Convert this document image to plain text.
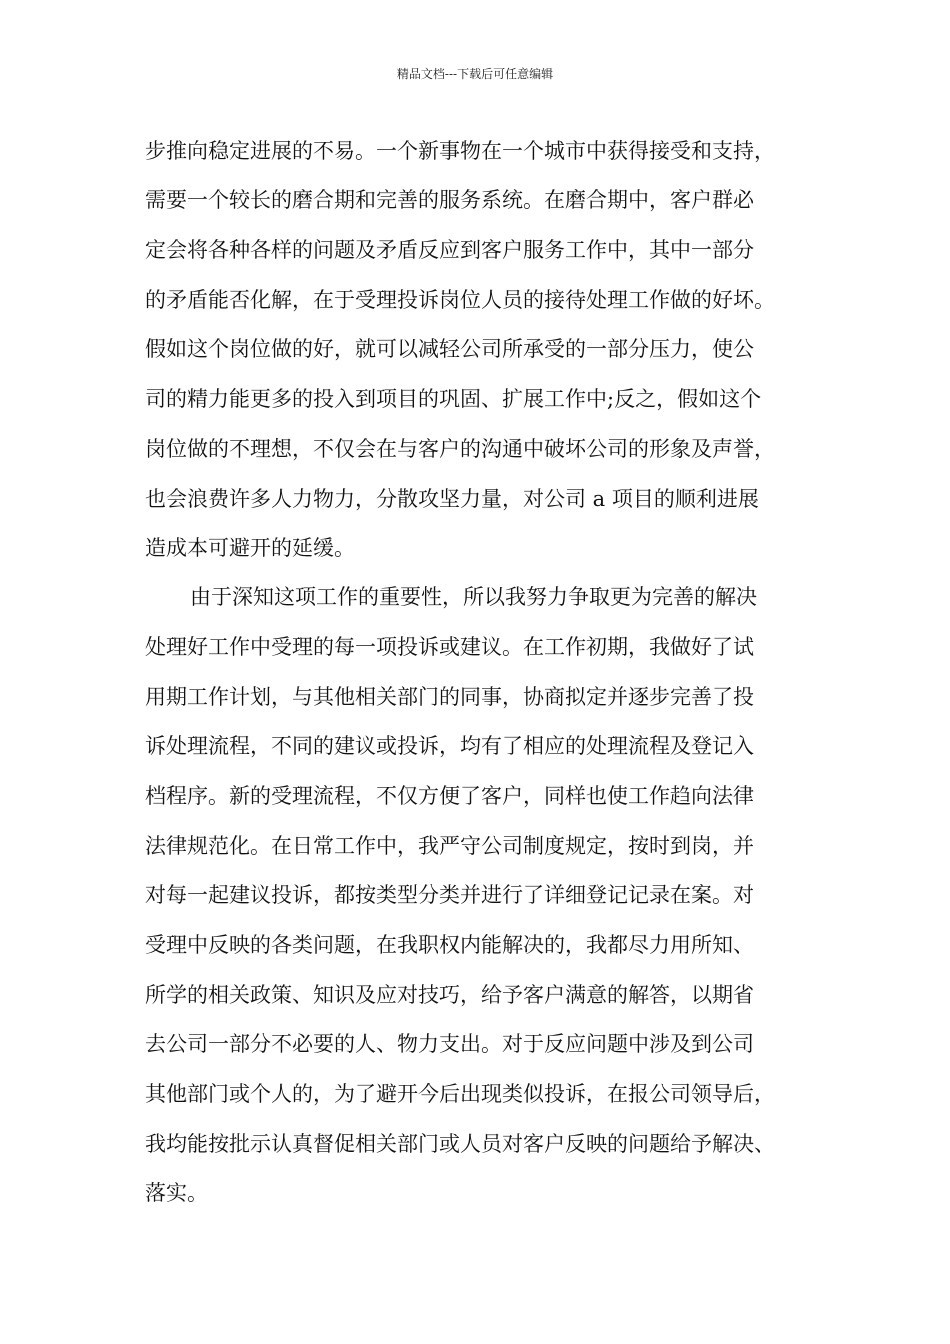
精品文档---下载后可任意编辑
步推向稳定进展的不易。一个新事物在一个城市中获得接受和支持，
需要一个较长的磨合期和完善的服务系统。在磨合期中，客户群必
定会将各种各样的问题及矛盾反应到客户服务工作中，其中一部分
的矛盾能否化解，在于受理投诉岗位人员的接待处理工作做的好坏。
假如这个岗位做的好，就可以减轻公司所承受的一部分压力，使公
司的精力能更多的投入到项目的巩固、扩展工作中;反之，假如这个
岗位做的不理想，不仅会在与客户的沟通中破坏公司的形象及声誉，
也会浪费许多人力物力，分散攻坚力量，对公司 a 项目的顺利进展
造成本可避开的延缓。
由于深知这项工作的重要性，所以我努力争取更为完善的解决
处理好工作中受理的每一项投诉或建议。在工作初期，我做好了试
用期工作计划，与其他相关部门的同事，协商拟定并逐步完善了投
诉处理流程，不同的建议或投诉，均有了相应的处理流程及登记入
档程序。新的受理流程，不仅方便了客户，同样也使工作趋向法律
法律规范化。在日常工作中，我严守公司制度规定，按时到岗，并
对每一起建议投诉，都按类型分类并进行了详细登记记录在案。对
受理中反映的各类问题，在我职权内能解决的，我都尽力用所知、
所学的相关政策、知识及应对技巧，给予客户满意的解答，以期省
去公司一部分不必要的人、物力支出。对于反应问题中涉及到公司
其他部门或个人的，为了避开今后出现类似投诉，在报公司领导后，
我均能按批示认真督促相关部门或人员对客户反映的问题给予解决、
落实。
